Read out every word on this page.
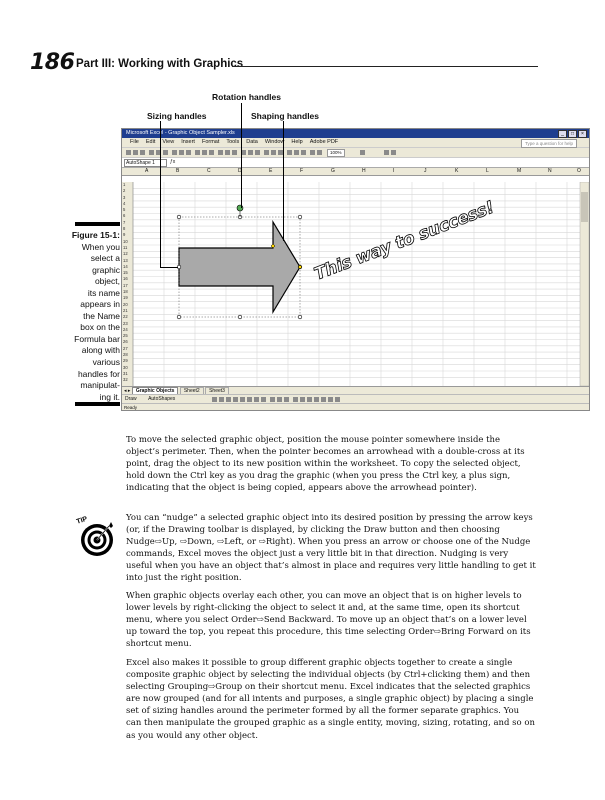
186 Part III: Working with Graphics
Rotation handles
Sizing handles	Shaping handles
Figure 15-1:
When you
select a
graphic
object,
its name
appears in
the Name
box on the
Formula bar
along with
various
handles for
manipulat-
ing it.
Microsoft Excel - Graphic Object Sampler.xls	_	□	×
File Edit View Insert Format Tools Data Window Help Adobe PDF	Type a question for help
100%
AutoShape 1	ƒx
A	B	C	D	E	F	G	H	I	J	K	L	M	N	O
This way to success!
1
2
3
4
5
6
7
8
9
10
11
12
13
14
15
16
17
18
19
20
21
22
23
24
25
26
27
28
29
30
31
32
◂ ▸ Graphic Objects Sheet2 Sheet3
Draw AutoShapes
Ready
To move the selected graphic object, position the mouse pointer somewhere inside the object’s perimeter. Then, when the pointer becomes an arrowhead with a double-cross at its point, drag the object to its new position within the worksheet. To copy the selected object, hold down the Ctrl key as you drag the graphic (when you press the Ctrl key, a plus sign, indicating that the object is being copied, appears above the arrowhead pointer).
TIP	You can “nudge” a selected graphic object into its desired position by pressing the arrow keys (or, if the Drawing toolbar is displayed, by clicking the Draw button and then choosing Nudge⇨Up, ⇨Down, ⇨Left, or ⇨Right). When you press an arrow or choose one of the Nudge commands, Excel moves the object just a very little bit in that direction. Nudging is very useful when you have an object that’s almost in place and requires very little handling to get it into just the right position.
When graphic objects overlay each other, you can move an object that is on higher levels to lower levels by right-clicking the object to select it and, at the same time, open its shortcut menu, where you select Order⇨Send Backward. To move up an object that’s on a lower level up toward the top, you repeat this procedure, this time selecting Order⇨Bring Forward on its shortcut menu.
Excel also makes it possible to group different graphic objects together to create a single composite graphic object by selecting the individual objects (by Ctrl+clicking them) and then selecting Grouping⇨Group on their shortcut menu. Excel indicates that the selected graphics are now grouped (and for all intents and purposes, a single graphic object) by placing a single set of sizing handles around the perimeter formed by all the former separate graphics. You can then manipulate the grouped graphic as a single entity, moving, sizing, rotating, and so on as you would any other object.
